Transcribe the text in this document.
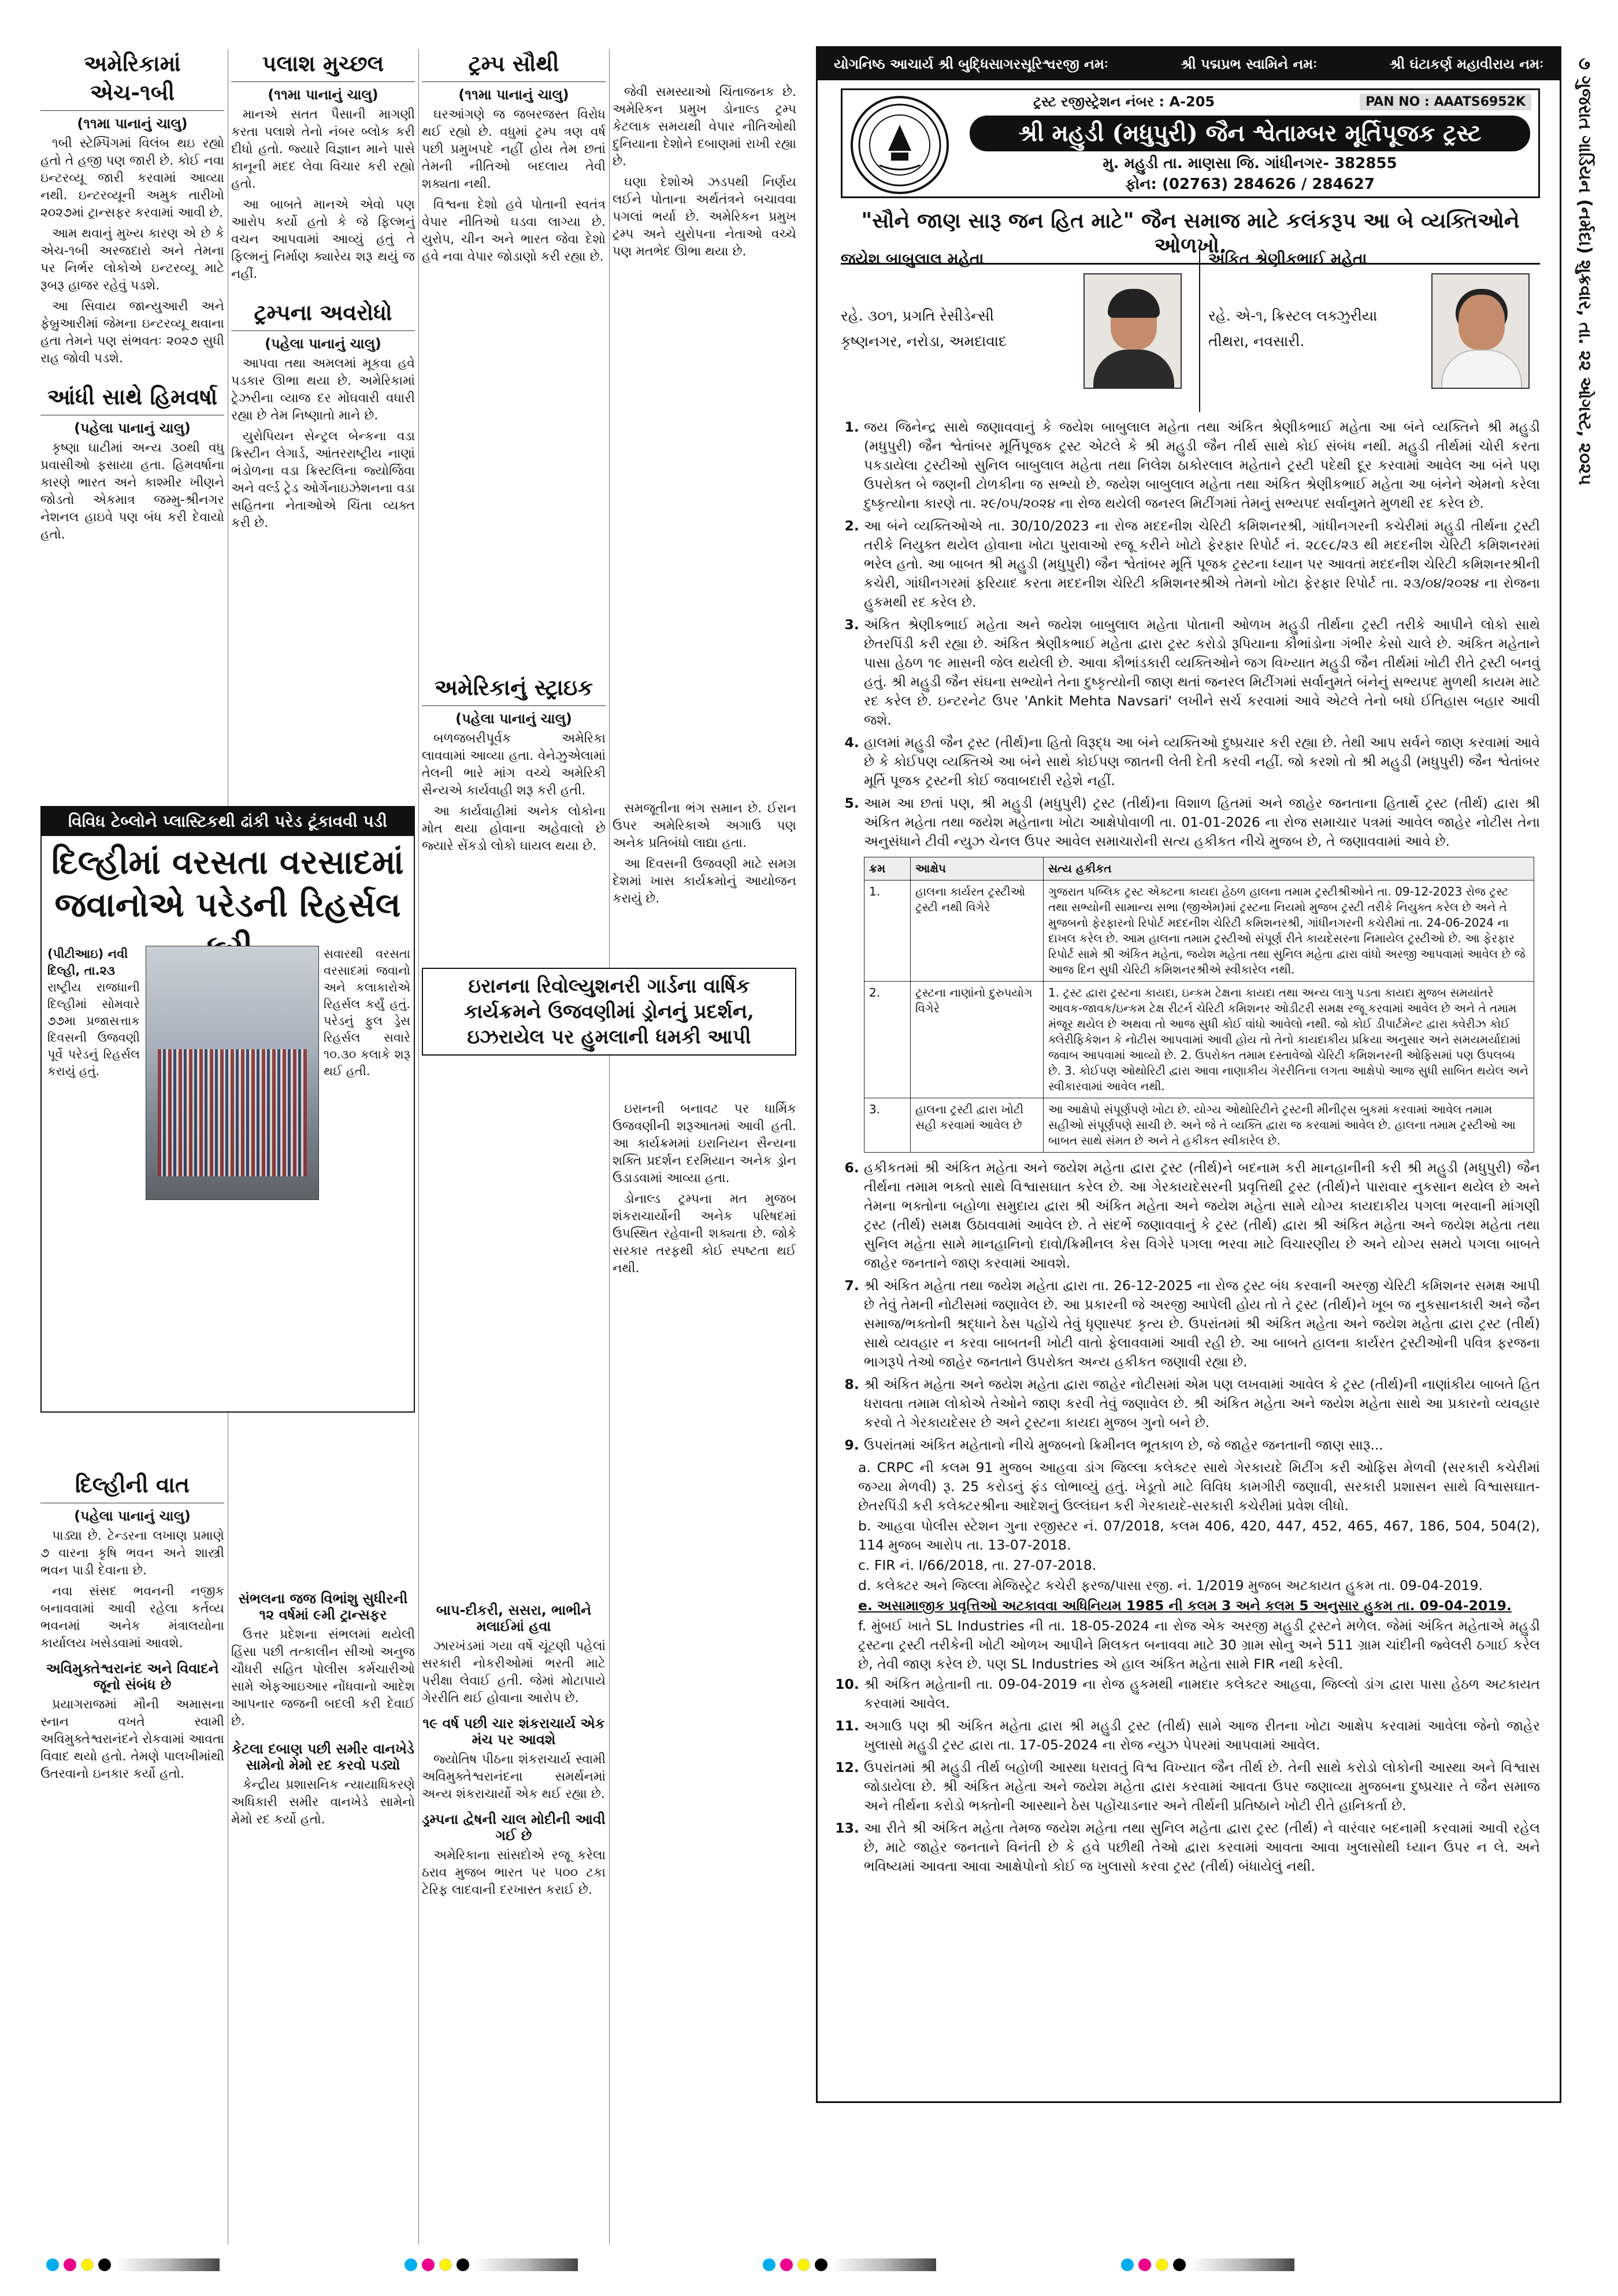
૭ ગુજરાત ગાર્ડિયન (નર્મદા) શુક્રવાર, તા. ૨૨ ઓગસ્ટ, ૨૦૨૫
અમેરિકામાં એચ-૧બી
(૧૧મા પાનાનું ચાલુ)

૧બી સ્ટેમ્પિંગમાં વિલંબ થઇ રહ્યો હતો તે હજી પણ જારી છે. કોઈ નવા ઇન્ટરવ્યૂ જારી કરવામાં આવ્યા નથી. ઇન્ટરવ્યૂની અમુક તારીખો ૨૦૨૭માં ટ્રાન્સફર કરવામાં આવી છે.

આમ થવાનું મુખ્ય કારણ એ છે કે એચ-૧બી અરજદારો અને તેમના પર નિર્ભર લોકોએ ઇન્ટરવ્યૂ માટે રૂબરૂ હાજર રહેવું પડશે.

આ સિવાય જાન્યુઆરી અને ફેબ્રુઆરીમાં જેમના ઇન્ટરવ્યૂ થવાના હતા તેમને પણ સંભવતઃ ૨૦૨૭ સુધી રાહ જોવી પડશે.

આંધી સાથે હિમવર્ષા
(પહેલા પાનાનું ચાલુ)

કૃષ્ણા ઘાટીમાં અન્ય ૩૦થી વધુ પ્રવાસીઓ ફસાયા હતા. હિમવર્ષાના કારણે ભારત અને કાશ્મીર ખીણને જોડતો એકમાત્ર જમ્મુ-શ્રીનગર નેશનલ હાઇવે પણ બંધ કરી દેવાયો હતો.

દિલ્હીની વાત
(પહેલા પાનાનું ચાલુ)

પાડ્યા છે. ટેન્ડરના લખાણ પ્રમાણે ૭ વારના કૃષિ ભવન અને શાસ્ત્રી ભવન પાડી દેવાના છે.

નવા સંસદ ભવનની નજીક બનાવવામાં આવી રહેલા કર્તવ્ય ભવનમાં અનેક મંત્રાલયોના કાર્યાલય ખસેડવામાં આવશે.

અવિમુક્તેશ્વરાનંદ અને વિવાદને જૂનો સંબંધ છે

પ્રયાગરાજમાં મૌની અમાસના સ્નાન વખતે સ્વામી અવિમુક્તેશ્વરાનંદને રોકવામાં આવતા વિવાદ થયો હતો. તેમણે પાલખીમાંથી ઉતરવાનો ઇનકાર કર્યો હતો.

પલાશ મુચ્છલ
(૧૧મા પાનાનું ચાલુ)

માનએ સતત પૈસાની માગણી કરતા પલાશે તેનો નંબર બ્લોક કરી દીધો હતો. જ્યારે વિજ્ઞાન માને પાસે કાનૂની મદદ લેવા વિચાર કરી રહ્યો હતો.

આ બાબતે માનએ એવો પણ આરોપ કર્યો હતો કે જે ફિલ્મનું વચન આપવામાં આવ્યું હતું તે ફિલ્મનું નિર્માણ ક્યારેય શરૂ થયું જ નહીં.

ટ્રમ્પના અવરોધો
(પહેલા પાનાનું ચાલુ)

આપવા તથા અમલમાં મૂકવા હવે પડકાર ઊભા થયા છે. અમેરિકામાં ટ્રેઝરીના વ્યાજ દર મોંઘવારી વધારી રહ્યા છે તેમ નિષ્ણાતો માને છે.

યુરોપિયન સેન્ટ્રલ બેન્કના વડા ક્રિસ્ટીન લેગાર્ડ, આંતરરાષ્ટ્રીય નાણાં ભંડોળના વડા ક્રિસ્ટલિના જ્યોર્જિવા અને વર્લ્ડ ટ્રેડ ઓર્ગેનાઇઝેશનના વડા સહિતના નેતાઓએ ચિંતા વ્યક્ત કરી છે.

સંભલના જજ વિભાંશુ સુધીરની ૧૨ વર્ષમાં ૯મી ટ્રાન્સફર

ઉત્તર પ્રદેશના સંભલમાં થયેલી હિંસા પછી તત્કાલીન સીઓ અનુજ ચૌધરી સહિત પોલીસ કર્મચારીઓ સામે એફઆઇઆર નોંધવાનો આદેશ આપનાર જજની બદલી કરી દેવાઈ છે.

કેટલા દબાણ પછી સમીર વાનખેડે સામેનો મેમો રદ કરવો પડ્યો

કેન્દ્રીય પ્રશાસનિક ન્યાયાધિકરણે અધિકારી સમીર વાનખેડે સામેનો મેમો રદ કર્યો હતો.

ટ્રમ્પ સૌથી
(૧૧મા પાનાનું ચાલુ)

ઘરઆંગણે જ જબરજસ્ત વિરોધ થઈ રહ્યો છે. વધુમાં ટ્રમ્પ ત્રણ વર્ષ પછી પ્રમુખપદે નહીં હોય તેમ છતાં તેમની નીતિઓ બદલાય તેવી શક્યતા નથી.

વિશ્વના દેશો હવે પોતાની સ્વતંત્ર વેપાર નીતિઓ ઘડવા લાગ્યા છે. યુરોપ, ચીન અને ભારત જેવા દેશો હવે નવા વેપાર જોડાણો કરી રહ્યા છે.

અમેરિકાનું સ્ટ્રાઇક
(પહેલા પાનાનું ચાલુ)

બળજબરીપૂર્વક અમેરિકા લાવવામાં આવ્યા હતા. વેનેઝુએલામાં તેલની ભારે માંગ વચ્ચે અમેરિકી સૈન્યએ કાર્યવાહી શરૂ કરી હતી.

આ કાર્યવાહીમાં અનેક લોકોના મોત થયા હોવાના અહેવાલો છે જ્યારે સેંકડો લોકો ઘાયલ થયા છે.

બાપ-દીકરી, સસરા, ભાભીને મલાઈમાં હવા

ઝારખંડમાં ગયા વર્ષે ચૂંટણી પહેલાં સરકારી નોકરીઓમાં ભરતી માટે પરીક્ષા લેવાઈ હતી. જેમાં મોટાપાયે ગેરરીતિ થઈ હોવાના આરોપ છે.

૧૯ વર્ષ પછી ચાર શંકરાચાર્ય એક મંચ પર આવશે

જ્યોતિષ પીઠના શંકરાચાર્ય સ્વામી અવિમુક્તેશ્વરાનંદના સમર્થનમાં અન્ય શંકરાચાર્યો એક થઈ રહ્યા છે.

ડ્રમ્પના દ્વેષની ચાલ મોદીની આવી ગઈ છે

અમેરિકાના સાંસદોએ રજૂ કરેલા ઠરાવ મુજબ ભારત પર ૫૦૦ ટકા ટેરિફ લાદવાની દરખાસ્ત કરાઈ છે.

જેવી સમસ્યાઓ ચિંતાજનક છે. અમેરિકન પ્રમુખ ડોનાલ્ડ ટ્રમ્પ કેટલાક સમયથી વેપાર નીતિઓથી દુનિયાના દેશોને દબાણમાં રાખી રહ્યા છે.

ઘણા દેશોએ ઝડપથી નિર્ણય લઈને પોતાના અર્થતંત્રને બચાવવા પગલાં ભર્યા છે. અમેરિકન પ્રમુખ ટ્રમ્પ અને યુરોપના નેતાઓ વચ્ચે પણ મતભેદ ઊભા થયા છે.

સમજૂતીના ભંગ સમાન છે. ઈરાન ઉપર અમેરિકાએ અગાઉ પણ અનેક પ્રતિબંધો લાદ્યા હતા.

આ દિવસની ઉજવણી માટે સમગ્ર દેશમાં ખાસ કાર્યક્રમોનું આયોજન કરાયું છે.

ઇરાનની બનાવટ પર ધાર્મિક ઉજવણીની શરૂઆતમાં આવી હતી. આ કાર્યક્રમમાં ઇરાનિયન સૈન્યના શક્તિ પ્રદર્શન દરમિયાન અનેક ડ્રોન ઉડાડવામાં આવ્યા હતા.

ડોનાલ્ડ ટ્રમ્પના મત મુજબ શંકરાચાર્યોની અનેક પરિષદમાં ઉપસ્થિત રહેવાની શક્યતા છે. જોકે સરકાર તરફથી કોઈ સ્પષ્ટતા થઈ નથી.

વિવિધ ટેબ્લોને પ્લાસ્ટિકથી ઢાંકી પરેડ ટૂંકાવવી પડી
દિલ્હીમાં વરસતા વરસાદમાં જવાનોએ પરેડની રિહર્સલ
(પીટીઆઇ) નવી દિલ્હી, તા.૨૩
રાષ્ટ્રીય રાજધાની દિલ્હીમાં સોમવારે ૭૭મા પ્રજાસત્તાક દિવસની ઉજવણી પૂર્વે પરેડનું રિહર્સલ કરાયું હતું.
સવારથી વરસતા વરસાદમાં જવાનો અને કલાકારોએ રિહર્સલ કર્યું હતું. પરેડનું ફુલ ડ્રેસ રિહર્સલ સવારે ૧૦.૩૦ કલાકે શરૂ થઈ હતી.
ઇરાનના રિવોલ્યુશનરી ગાર્ડના વાર્ષિક કાર્યક્રમને ઉજવણીમાં ડ્રોનનું પ્રદર્શન, ઇઝરાયેલ પર હુમલાની ધમકી આપી
યોગનિષ્ઠ આચાર્ય શ્રી બુદ્ધિસાગરસૂરિશ્વરજી નમઃ	શ્રી પદ્મપ્રભ સ્વામિને નમઃ	શ્રી ઘંટાકર્ણ મહાવીરાય નમઃ
ટ્રસ્ટ રજીસ્ટ્રેશન નંબર : A-205	PAN NO : AAATS6952K
શ્રી મહુડી (મધુપુરી) જૈન શ્વેતામ્બર મૂર્તિપૂજક ટ્રસ્ટ
મુ. મહુડી તા. માણસા જિ. ગાંધીનગર- 382855
ફોન: (02763) 284626 / 284627
"સૌને જાણ સારૂ જન હિત માટે" જૈન સમાજ માટે કલંકરૂપ આ બે વ્યક્તિઓને ઓળખો.
જયેશ બાબુલાલ મહેતા
રહે. ૩૦૧, પ્રગતિ રેસીડેન્સી
કૃષ્ણનગર, નરોડા, અમદાવાદ
અંકિત શ્રેણીકભાઈ મહેતા
રહે. એ-૧, ક્રિસ્ટલ લક્ઝુરીયા
તીથરા, નવસારી.
1. જય જિનેન્દ્ર સાથે જણાવવાનું કે જયેશ બાબુલાલ મહેતા તથા અંકિત શ્રેણીકભાઈ મહેતા આ બંને વ્યક્તિને શ્રી મહુડી (મધુપુરી) જૈન શ્વેતાંબર મૂર્તિપૂજક ટ્રસ્ટ એટલે કે શ્રી મહુડી જૈન તીર્થ સાથે કોઈ સંબંધ નથી. મહુડી તીર્થમાં ચોરી કરતા પકડાયેલા ટ્રસ્ટીઓ સુનિલ બાબુલાલ મહેતા તથા નિલેશ ઠાકોરલાલ મહેતાને ટ્રસ્ટી પદેથી દૂર કરવામાં આવેલ આ બંને પણ ઉપરોક્ત બે જણની ટોળકીના જ સભ્યો છે. જયેશ બાબુલાલ મહેતા તથા અંકિત શ્રેણીકભાઈ મહેતા આ બંનેને એમનો કરેલા દુષ્કૃત્યોના કારણે તા. ૨૯/૦૫/૨૦૨૪ ના રોજ થયેલી જનરલ મિટીંગમાં તેમનું સભ્યપદ સર્વાનુમતે મુળથી રદ કરેલ છે.
2. આ બંને વ્યક્તિઓએ તા. 30/10/2023 ના રોજ મદદનીશ ચેરિટી કમિશનરશ્રી, ગાંધીનગરની કચેરીમાં મહુડી તીર્થના ટ્રસ્ટી તરીકે નિયુક્ત થયેલ હોવાના ખોટા પુરાવાઓ રજૂ કરીને ખોટો ફેરફાર રિપોર્ટ નં. ૨૮૯૮/૨૩ થી મદદનીશ ચેરિટી કમિશનરમાં ભરેલ હતો. આ બાબત શ્રી મહુડી (મધુપુરી) જૈન શ્વેતાંબર મૂર્તિ પૂજક ટ્રસ્ટના ધ્યાન પર આવતાં મદદનીશ ચેરિટી કમિશનરશ્રીની કચેરી, ગાંધીનગરમાં ફરિયાદ કરતા મદદનીશ ચેરિટી કમિશનરશ્રીએ તેમનો ખોટા ફેરફાર રિપોર્ટ તા. ૨૩/૦૪/૨૦૨૪ ના રોજના હુકમથી રદ કરેલ છે.
3. અંકિત શ્રેણીકભાઈ મહેતા અને જયેશ બાબુલાલ મહેતા પોતાની ઓળખ મહુડી તીર્થના ટ્રસ્ટી તરીકે આપીને લોકો સાથે છેતરપિંડી કરી રહ્યા છે. અંકિત શ્રેણીકભાઈ મહેતા દ્વારા ટ્રસ્ટ કરોડો રૂપિયાના કૌભાંડોના ગંભીર કેસો ચાલે છે. અંકિત મહેતાને પાસા હેઠળ ૧૯ માસની જેલ થયેલી છે. આવા કૌભાંડકારી વ્યક્તિઓને જગ વિખ્યાત મહુડી જૈન તીર્થમાં ખોટી રીતે ટ્રસ્ટી બનવું હતું. શ્રી મહુડી જૈન સંઘના સભ્યોને તેના દુષ્કૃત્યોની જાણ થતાં જનરલ મિટીંગમાં સર્વાનુમતે બંનેનું સભ્યપદ મુળથી કાયમ માટે રદ કરેલ છે. ઇન્ટરનેટ ઉપર 'Ankit Mehta Navsari' લખીને સર્ચ કરવામાં આવે એટલે તેનો બધો ઈતિહાસ બહાર આવી જશે.
4. હાલમાં મહુડી જૈન ટ્રસ્ટ (તીર્થ)ના હિતો વિરૂદ્ધ આ બંને વ્યક્તિઓ દુષ્પ્રચાર કરી રહ્યા છે. તેથી આપ સર્વને જાણ કરવામાં આવે છે કે કોઈપણ વ્યક્તિએ આ બંને સાથે કોઈપણ જાતની લેતી દેતી કરવી નહીં. જો કરશો તો શ્રી મહુડી (મધુપુરી) જૈન શ્વેતાંબર મૂર્તિ પૂજક ટ્રસ્ટની કોઈ જવાબદારી રહેશે નહીં.
5. આમ આ છતાં પણ, શ્રી મહુડી (મધુપુરી) ટ્રસ્ટ (તીર્થ)ના વિશાળ હિતમાં અને જાહેર જનતાના હિતાર્થે ટ્રસ્ટ (તીર્થ) દ્વારા શ્રી અંકિત મહેતા તથા જયેશ મહેતાના ખોટા આક્ષેપોવાળી તા. 01-01-2026 ના રોજ સમાચાર પત્રમાં આવેલ જાહેર નોટીસ તેના અનુસંધાને ટીવી ન્યુઝ ચેનલ ઉપર આવેલ સમાચારોની સત્ય હકીકત નીચે મુજબ છે, તે જણાવવામાં આવે છે.
ક્રમ	આક્ષેપ	સત્ય હકીકત
1.	હાલના કાર્યરત ટ્રસ્ટીઓ ટ્રસ્ટી નથી વિગેરે	ગુજરાત પબ્લિક ટ્રસ્ટ એક્ટના કાયદા હેઠળ હાલના તમામ ટ્રસ્ટીશ્રીઓને તા. 09-12-2023 રોજ ટ્રસ્ટ તથા સભ્યોની સામાન્ય સભા (જીએમ)માં ટ્રસ્ટના નિયમો મુજબ ટ્રસ્ટી તરીકે નિયુક્ત કરેલ છે અને તે મુજબનો ફેરફારનો રિપોર્ટ મદદનીશ ચેરિટી કમિશનરશ્રી, ગાંધીનગરની કચેરીમાં તા. 24-06-2024 ના દાખલ કરેલ છે. આમ હાલના તમામ ટ્રસ્ટીઓ સંપૂર્ણ રીતે કાયદેસરના નિમાયેલ ટ્રસ્ટીઓ છે. આ ફેરફાર રિપોર્ટ સામે શ્રી અંકિત મહેતા, જયેશ મહેતા તથા સુનિલ મહેતા દ્વારા વાંધો અરજી આપવામાં આવેલ છે જે આજ દિન સુધી ચેરિટી કમિશનરશ્રીએ સ્વીકારેલ નથી.
2.	ટ્રસ્ટના નાણાંનો દુરુપયોગ વિગેરે	1. ટ્રસ્ટ દ્વારા ટ્રસ્ટના કાયદા, ઇન્કમ ટેક્ષના કાયદા તથા અન્ય લાગુ પડતા કાયદા મુજબ સમયાંતરે આવક-જાવક/ઇન્કમ ટેક્ષ રીટર્ન ચેરિટી કમિશનર ઓડીટરી સમક્ષ રજૂ કરવામાં આવેલ છે અને તે તમામ મંજૂર થયેલ છે અથવા તો આજ સુધી કોઈ વાંધો આવેલો નથી. જો કોઈ ડીપાર્ટમેન્ટ દ્વારા ક્વેરીઝ કોઈ ક્લેરીફિકેશન કે નોટીસ આપવામાં આવી હોય તો તેનો કાયદાકીય પ્રક્રિયા અનુસાર અને સમયમર્યાદામાં જવાબ આપવામાં આવ્યો છે. 2. ઉપરોક્ત તમામ દસ્તાવેજો ચેરિટી કમિશનરની ઓફિસમાં પણ ઉપલબ્ધ છે. 3. કોઈપણ ઓથોરિટી દ્વારા આવા નાણાકીય ગેરરીતિના લગતા આક્ષેપો આજ સુધી સાબિત થયેલ અને સ્વીકારવામાં આવેલ નથી.
3.	હાલના ટ્રસ્ટી દ્વારા ખોટી સહી કરવામાં આવેલ છે	આ આક્ષેપો સંપૂર્ણપણે ખોટા છે. યોગ્ય ઓથોરિટીને ટ્રસ્ટની મીનીટ્સ બુકમાં કરવામાં આવેલ તમામ સહીઓ સંપૂર્ણપણે સાચી છે. અને જે તે વ્યક્તિ દ્વારા જ કરવામાં આવેલ છે. હાલના તમામ ટ્રસ્ટીઓ આ બાબત સાથે સંમત છે અને તે હકીકત સ્વીકારેલ છે.
6. હકીકતમાં શ્રી અંકિત મહેતા અને જયેશ મહેતા દ્વારા ટ્રસ્ટ (તીર્થ)ને બદનામ કરી માનહાનીની કરી શ્રી મહુડી (મધુપુરી) જૈન તીર્થના તમામ ભક્તો સાથે વિશ્વાસઘાત કરેલ છે. આ ગેરકાયદેસરની પ્રવૃત્તિથી ટ્રસ્ટ (તીર્થ)ને પારાવાર નુકસાન થયેલ છે અને તેમના ભક્તોના બહોળા સમુદાય દ્વારા શ્રી અંકિત મહેતા અને જયેશ મહેતા સામે યોગ્ય કાયદાકીય પગલા ભરવાની માંગણી ટ્રસ્ટ (તીર્થ) સમક્ષ ઉઠાવવામાં આવેલ છે. તે સંદર્ભે જણાવવાનું કે ટ્રસ્ટ (તીર્થ) દ્વારા શ્રી અંકિત મહેતા અને જયેશ મહેતા તથા સુનિલ મહેતા સામે માનહાનિનો દાવો/ક્રિમીનલ કેસ વિગેરે પગલા ભરવા માટે વિચારણીય છે અને યોગ્ય સમયે પગલા બાબતે જાહેર જનતાને જાણ કરવામાં આવશે.
7. શ્રી અંકિત મહેતા તથા જયેશ મહેતા દ્વારા તા. 26-12-2025 ના રોજ ટ્રસ્ટ બંધ કરવાની અરજી ચેરિટી કમિશનર સમક્ષ આપી છે તેવું તેમની નોટીસમાં જણાવેલ છે. આ પ્રકારની જે અરજી આપેલી હોય તો તે ટ્રસ્ટ (તીર્થ)ને ખૂબ જ નુકસાનકારી અને જૈન સમાજ/ભક્તોની શ્રદ્ધાને ઠેસ પહોંચે તેવું ધૃણાસ્પદ કૃત્ય છે. ઉપરાંતમાં શ્રી અંકિત મહેતા અને જયેશ મહેતા દ્વારા ટ્રસ્ટ (તીર્થ) સાથે વ્યવહાર ન કરવા બાબતની ખોટી વાતો ફેલાવવામાં આવી રહી છે. આ બાબતે હાલના કાર્યરત ટ્રસ્ટીઓની પવિત્ર ફરજના ભાગરૂપે તેઓ જાહેર જનતાને ઉપરોક્ત અન્ય હકીકત જણાવી રહ્યા છે.
8. શ્રી અંકિત મહેતા અને જયેશ મહેતા દ્વારા જાહેર નોટીસમાં એમ પણ લખવામાં આવેલ કે ટ્રસ્ટ (તીર્થ)ની નાણાંકીય બાબતે હિત ધરાવતા તમામ લોકોએ તેઓને જાણ કરવી તેવું જણાવેલ છે. શ્રી અંકિત મહેતા અને જયેશ મહેતા સાથે આ પ્રકારનો વ્યવહાર કરવો તે ગેરકાયદેસર છે અને ટ્રસ્ટના કાયદા મુજબ ગુનો બને છે.
9. ઉપરાંતમાં અંકિત મહેતાનો નીચે મુજબનો ક્રિમીનલ ભૂતકાળ છે, જે જાહેર જનતાની જાણ સારૂ...
a. CRPC ની કલમ 91 મુજબ આહવા ડાંગ જિલ્લા કલેક્ટર સાથે ગેરકાયદે મિટીંગ કરી ઓફિસ મેળવી (સરકારી કચેરીમાં જગ્યા મેળવી) રૂ. 25 કરોડનું ફંડ લોભાવ્યું હતું. ખેડૂતો માટે વિવિધ કામગીરી જણાવી, સરકારી પ્રશાસન સાથે વિશ્વાસઘાત-છેતરપિંડી કરી કલેક્ટરશ્રીના આદેશનું ઉલ્લંઘન કરી ગેરકાયદે-સરકારી કચેરીમાં પ્રવેશ લીધો.
b. આહવા પોલીસ સ્ટેશન ગુના રજીસ્ટર નં. 07/2018, કલમ 406, 420, 447, 452, 465, 467, 186, 504, 504(2), 114 મુજબ આરોપ તા. 13-07-2018.
c. FIR નં. I/66/2018, તા. 27-07-2018.
d. કલેક્ટર અને જિલ્લા મેજિસ્ટ્રેટ કચેરી ફરજ/પાસા રજી. નં. 1/2019 મુજબ અટકાયત હુકમ તા. 09-04-2019.
e. અસામાજીક પ્રવૃત્તિઓ અટકાવવા અધિનિયમ 1985 ની કલમ 3 અને કલમ 5 અનુસાર હુકમ તા. 09-04-2019.
f. મુંબઈ ખાતે SL Industries ની તા. 18-05-2024 ના રોજ એક અરજી મહુડી ટ્રસ્ટને મળેલ. જેમાં અંકિત મહેતાએ મહુડી ટ્રસ્ટના ટ્રસ્ટી તરીકેની ખોટી ઓળખ આપીને મિલકત બનાવવા માટે 30 ગ્રામ સોનુ અને 511 ગ્રામ ચાંદીની જ્વેલરી ઠગાઈ કરેલ છે, તેવી જાણ કરેલ છે. પણ SL Industries એ હાલ અંકિત મહેતા સામે FIR નથી કરેલી.
10. શ્રી અંકિત મહેતાની તા. 09-04-2019 ના રોજ હુકમથી નામદાર કલેક્ટર આહવા, જિલ્લો ડાંગ દ્વારા પાસા હેઠળ અટકાયત કરવામાં આવેલ.
11. અગાઉ પણ શ્રી અંકિત મહેતા દ્વારા શ્રી મહુડી ટ્રસ્ટ (તીર્થ) સામે આજ રીતના ખોટા આક્ષેપ કરવામાં આવેલા જેનો જાહેર ખુલાસો મહુડી ટ્રસ્ટ દ્વારા તા. 17-05-2024 ના રોજ ન્યુઝ પેપરમાં આપવામાં આવેલ.
12. ઉપરાંતમાં શ્રી મહુડી તીર્થ બહોળી આસ્થા ધરાવતું વિશ્વ વિખ્યાત જૈન તીર્થ છે. તેની સાથે કરોડો લોકોની આસ્થા અને વિશ્વાસ જોડાયેલા છે. શ્રી અંકિત મહેતા અને જયેશ મહેતા દ્વારા કરવામાં આવતા ઉપર જણાવ્યા મુજબના દુષ્પ્રચાર તે જૈન સમાજ અને તીર્થના કરોડો ભક્તોની આસ્થાને ઠેસ પહોંચાડનાર અને તીર્થની પ્રતિષ્ઠાને ખોટી રીતે હાનિકર્તા છે.
13. આ રીતે શ્રી અંકિત મહેતા તેમજ જયેશ મહેતા તથા સુનિલ મહેતા દ્વારા ટ્રસ્ટ (તીર્થ) ને વારંવાર બદનામી કરવામાં આવી રહેલ છે, માટે જાહેર જનતાને વિનંતી છે કે હવે પછીથી તેઓ દ્વારા કરવામાં આવતા આવા ખુલાસોથી ધ્યાન ઉપર ન લે. અને ભવિષ્યમાં આવતા આવા આક્ષેપોનો કોઈ જ ખુલાસો કરવા ટ્રસ્ટ (તીર્થ) બંધાયેલું નથી.
